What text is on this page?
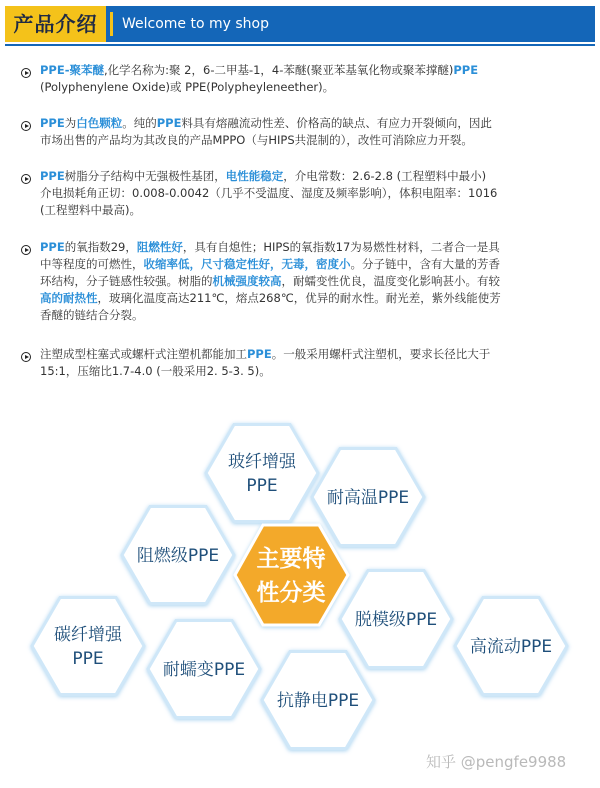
产品介绍	Welcome to my shop
PPE-聚苯醚,化学名称为:聚 2，6-二甲基-1，4-苯醚(聚亚苯基氧化物或聚苯撑醚)PPE
(Polyphenylene Oxide)或 PPE(Polypheyleneether)。
PPE为白色颗粒。纯的PPE料具有熔融流动性差、价格高的缺点、有应力开裂倾向，因此
市场出售的产品均为其改良的产品MPPO（与HIPS共混制的），改性可消除应力开裂。
PPE树脂分子结构中无强极性基团，电性能稳定，介电常数：2.6-2.8 (工程塑料中最小)
介电损耗角正切：0.008-0.0042（几乎不受温度、湿度及频率影响），体积电阻率：1016
(工程塑料中最高)。
PPE的氧指数29，阻燃性好，具有自熄性；HIPS的氧指数17为易燃性材料，二者合一是具
中等程度的可燃性，收缩率低，尺寸稳定性好，无毒，密度小。分子链中，含有大量的芳香
环结构，分子链感性较强。树脂的机械强度较高，耐蠕变性优良，温度变化影响甚小。有较
高的耐热性，玻璃化温度高达211℃，熔点268℃，优异的耐水性。耐光差，紫外线能使芳
香醚的链结合分裂。
注塑成型柱塞式或螺杆式注塑机都能加工PPE。一般采用螺杆式注塑机，要求长径比大于
15:1，压缩比1.7-4.0 (一般采用2. 5-3. 5)。
玻纤增强
PPE
耐高温PPE
阻燃级PPE
脱模级PPE
碳纤增强
PPE
耐蠕变PPE
高流动PPE
抗静电PPE
主要特
性分类
知乎 @pengfe9988
